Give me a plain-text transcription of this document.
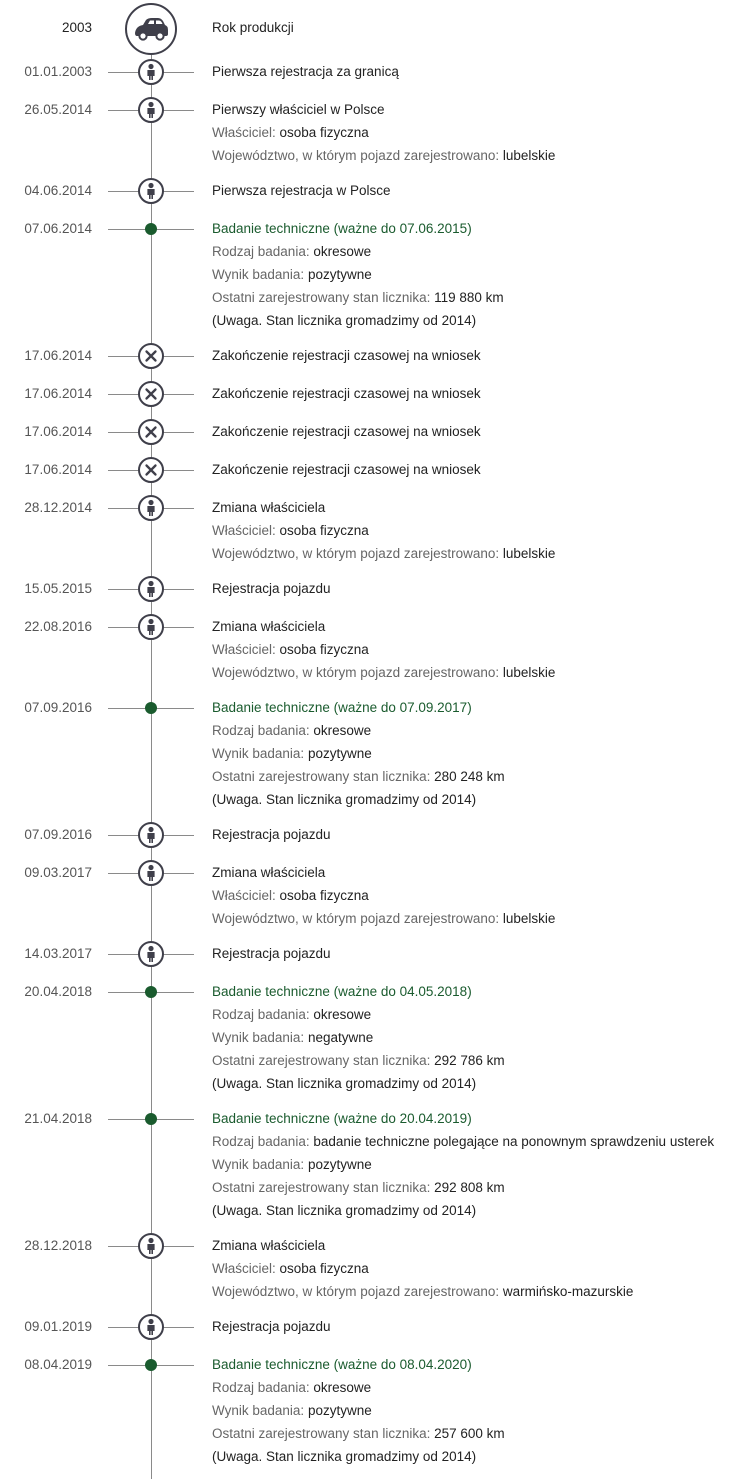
2003	Rok produkcji
01.01.2003	Pierwsza rejestracja za granicą
26.05.2014	Pierwszy właściciel w Polsce
Właściciel: osoba fizyczna
Województwo, w którym pojazd zarejestrowano: lubelskie
04.06.2014	Pierwsza rejestracja w Polsce
07.06.2014	Badanie techniczne (ważne do 07.06.2015)
Rodzaj badania: okresowe
Wynik badania: pozytywne
Ostatni zarejestrowany stan licznika: 119 880 km
(Uwaga. Stan licznika gromadzimy od 2014)
17.06.2014	Zakończenie rejestracji czasowej na wniosek
17.06.2014	Zakończenie rejestracji czasowej na wniosek
17.06.2014	Zakończenie rejestracji czasowej na wniosek
17.06.2014	Zakończenie rejestracji czasowej na wniosek
28.12.2014	Zmiana właściciela
Właściciel: osoba fizyczna
Województwo, w którym pojazd zarejestrowano: lubelskie
15.05.2015	Rejestracja pojazdu
22.08.2016	Zmiana właściciela
Właściciel: osoba fizyczna
Województwo, w którym pojazd zarejestrowano: lubelskie
07.09.2016	Badanie techniczne (ważne do 07.09.2017)
Rodzaj badania: okresowe
Wynik badania: pozytywne
Ostatni zarejestrowany stan licznika: 280 248 km
(Uwaga. Stan licznika gromadzimy od 2014)
07.09.2016	Rejestracja pojazdu
09.03.2017	Zmiana właściciela
Właściciel: osoba fizyczna
Województwo, w którym pojazd zarejestrowano: lubelskie
14.03.2017	Rejestracja pojazdu
20.04.2018	Badanie techniczne (ważne do 04.05.2018)
Rodzaj badania: okresowe
Wynik badania: negatywne
Ostatni zarejestrowany stan licznika: 292 786 km
(Uwaga. Stan licznika gromadzimy od 2014)
21.04.2018	Badanie techniczne (ważne do 20.04.2019)
Rodzaj badania: badanie techniczne polegające na ponownym sprawdzeniu usterek
Wynik badania: pozytywne
Ostatni zarejestrowany stan licznika: 292 808 km
(Uwaga. Stan licznika gromadzimy od 2014)
28.12.2018	Zmiana właściciela
Właściciel: osoba fizyczna
Województwo, w którym pojazd zarejestrowano: warmińsko-mazurskie
09.01.2019	Rejestracja pojazdu
08.04.2019	Badanie techniczne (ważne do 08.04.2020)
Rodzaj badania: okresowe
Wynik badania: pozytywne
Ostatni zarejestrowany stan licznika: 257 600 km
(Uwaga. Stan licznika gromadzimy od 2014)
